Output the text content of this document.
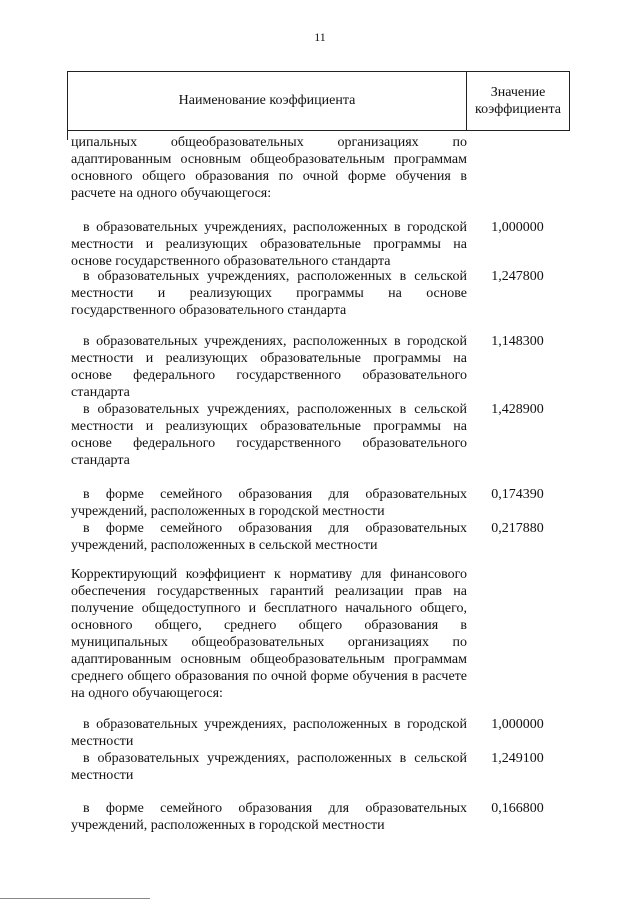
11
Наименование коэффициента
Значение
коэффициента
ципальных общеобразовательных организациях по адаптированным основным общеобразовательным программам основного общего образования по очной форме обучения в расчете на одного обучающегося:
в образовательных учреждениях, расположенных в городской местности и реализующих образовательные программы на основе государственного образовательного стандарта
1,000000
в образовательных учреждениях, расположенных в сельской местности и реализующих программы на основе государственного образовательного стандарта
1,247800
в образовательных учреждениях, расположенных в городской местности и реализующих образовательные программы на основе федерального государственного образовательного стандарта
1,148300
в образовательных учреждениях, расположенных в сельской местности и реализующих образовательные программы на основе федерального государственного образовательного стандарта
1,428900
в форме семейного образования для образовательных учреждений, расположенных в городской местности
0,174390
в форме семейного образования для образовательных учреждений, расположенных в сельской местности
0,217880
Корректирующий коэффициент к нормативу для финансового обеспечения государственных гарантий реализации прав на получение общедоступного и бесплатного начального общего, основного общего, среднего общего образования в муниципальных общеобразовательных организациях по адаптированным основным общеобразовательным программам среднего общего образования по очной форме обучения в расчете на одного обучающегося:
в образовательных учреждениях, расположенных в городской местности
1,000000
в образовательных учреждениях, расположенных в сельской местности
1,249100
в форме семейного образования для образовательных учреждений, расположенных в городской местности
0,166800
